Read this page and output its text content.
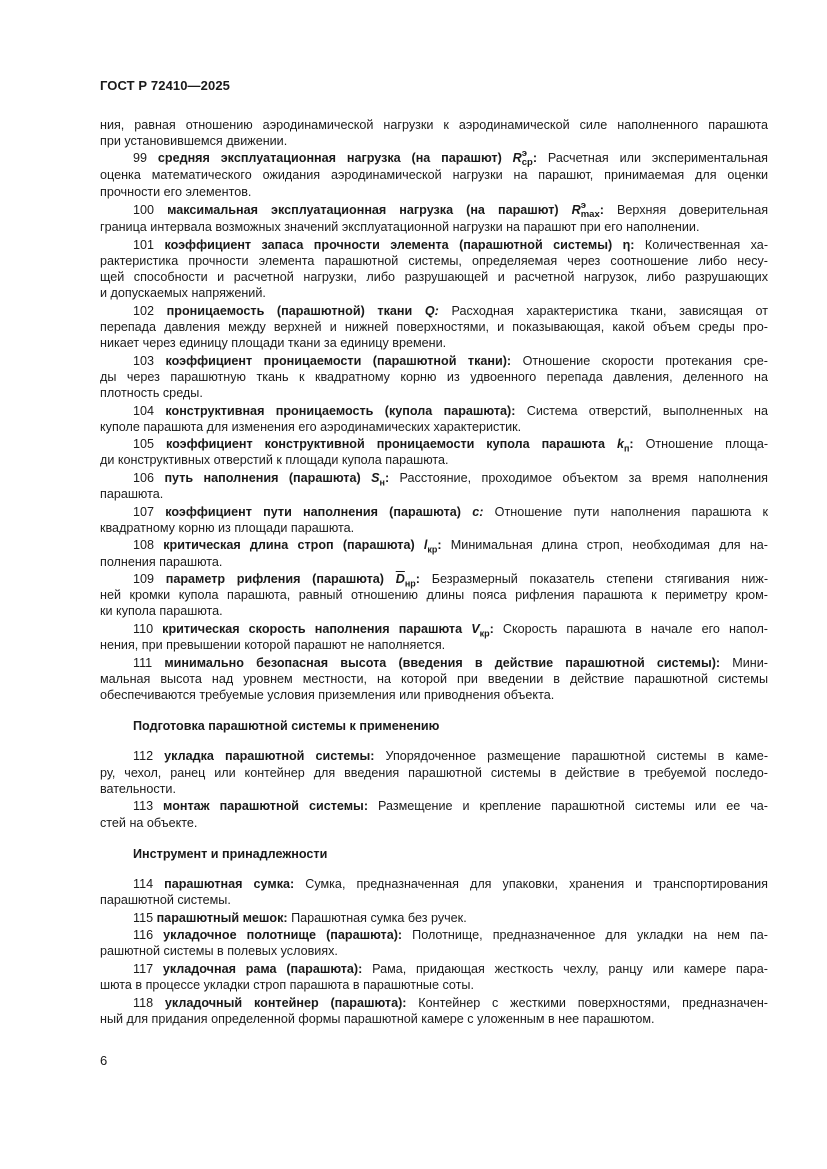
ГОСТ Р 72410—2025
ния, равная отношению аэродинамической нагрузки к аэродинамической силе наполненного парашюта
при установившемся движении.
99 средняя эксплуатационная нагрузка (на парашют) R э
ср : Расчетная или экспериментальная
оценка математического ожидания аэродинамической нагрузки на парашют, принимаемая для оценки
прочности его элементов.
100 максимальная эксплуатационная нагрузка (на парашют) R э
max : Верхняя доверительная
граница интервала возможных значений эксплуатационной нагрузки на парашют при его наполнении.
101 коэффициент запаса прочности элемента (парашютной системы) η: Количественная ха-
рактеристика прочности элемента парашютной системы, определяемая через соотношение либо несу-
щей способности и расчетной нагрузки, либо разрушающей и расчетной нагрузок, либо разрушающих
и допускаемых напряжений.
102 проницаемость (парашютной) ткани Q: Расходная характеристика ткани, зависящая от
перепада давления между верхней и нижней поверхностями, и показывающая, какой объем среды про-
никает через единицу площади ткани за единицу времени.
103 коэффициент проницаемости (парашютной ткани): Отношение скорости протекания сре-
ды через парашютную ткань к квадратному корню из удвоенного перепада давления, деленного на
плотность среды.
104 конструктивная проницаемость (купола парашюта): Система отверстий, выполненных на
куполе парашюта для изменения его аэродинамических характеристик.
105 коэффициент конструктивной проницаемости купола парашюта $k_п$: Отношение площа-
ди конструктивных отверстий к площади купола парашюта.
106 путь наполнения (парашюта) $S_н$: Расстояние, проходимое объектом за время наполнения
парашюта.
107 коэффициент пути наполнения (парашюта) c: Отношение пути наполнения парашюта к
квадратному корню из площади парашюта.
108 критическая длина строп (парашюта) $l_{кр}$: Минимальная длина строп, необходимая для на-
полнения парашюта.
109 параметр рифления (парашюта) $\overline{D}_{нр}$: Безразмерный показатель степени стягивания ниж-
ней кромки купола парашюта, равный отношению длины пояса рифления парашюта к периметру кром-
ки купола парашюта.
110 критическая скорость наполнения парашюта $V_{кр}$: Скорость парашюта в начале его напол-
нения, при превышении которой парашют не наполняется.
111 минимально безопасная высота (введения в действие парашютной системы): Мини-
мальная высота над уровнем местности, на которой при введении в действие парашютной системы
обеспечиваются требуемые условия приземления или приводнения объекта.
Подготовка парашютной системы к применению
112 укладка парашютной системы: Упорядоченное размещение парашютной системы в каме-
ру, чехол, ранец или контейнер для введения парашютной системы в действие в требуемой последо-
вательности.
113 монтаж парашютной системы: Размещение и крепление парашютной системы или ее ча-
стей на объекте.
Инструмент и принадлежности
114 парашютная сумка: Сумка, предназначенная для упаковки, хранения и транспортирования
парашютной системы.
115 парашютный мешок: Парашютная сумка без ручек.
116 укладочное полотнище (парашюта): Полотнище, предназначенное для укладки на нем па-
рашютной системы в полевых условиях.
117 укладочная рама (парашюта): Рама, придающая жесткость чехлу, ранцу или камере пара-
шюта в процессе укладки строп парашюта в парашютные соты.
118 укладочный контейнер (парашюта): Контейнер с жесткими поверхностями, предназначен-
ный для придания определенной формы парашютной камере с уложенным в нее парашютом.
6
